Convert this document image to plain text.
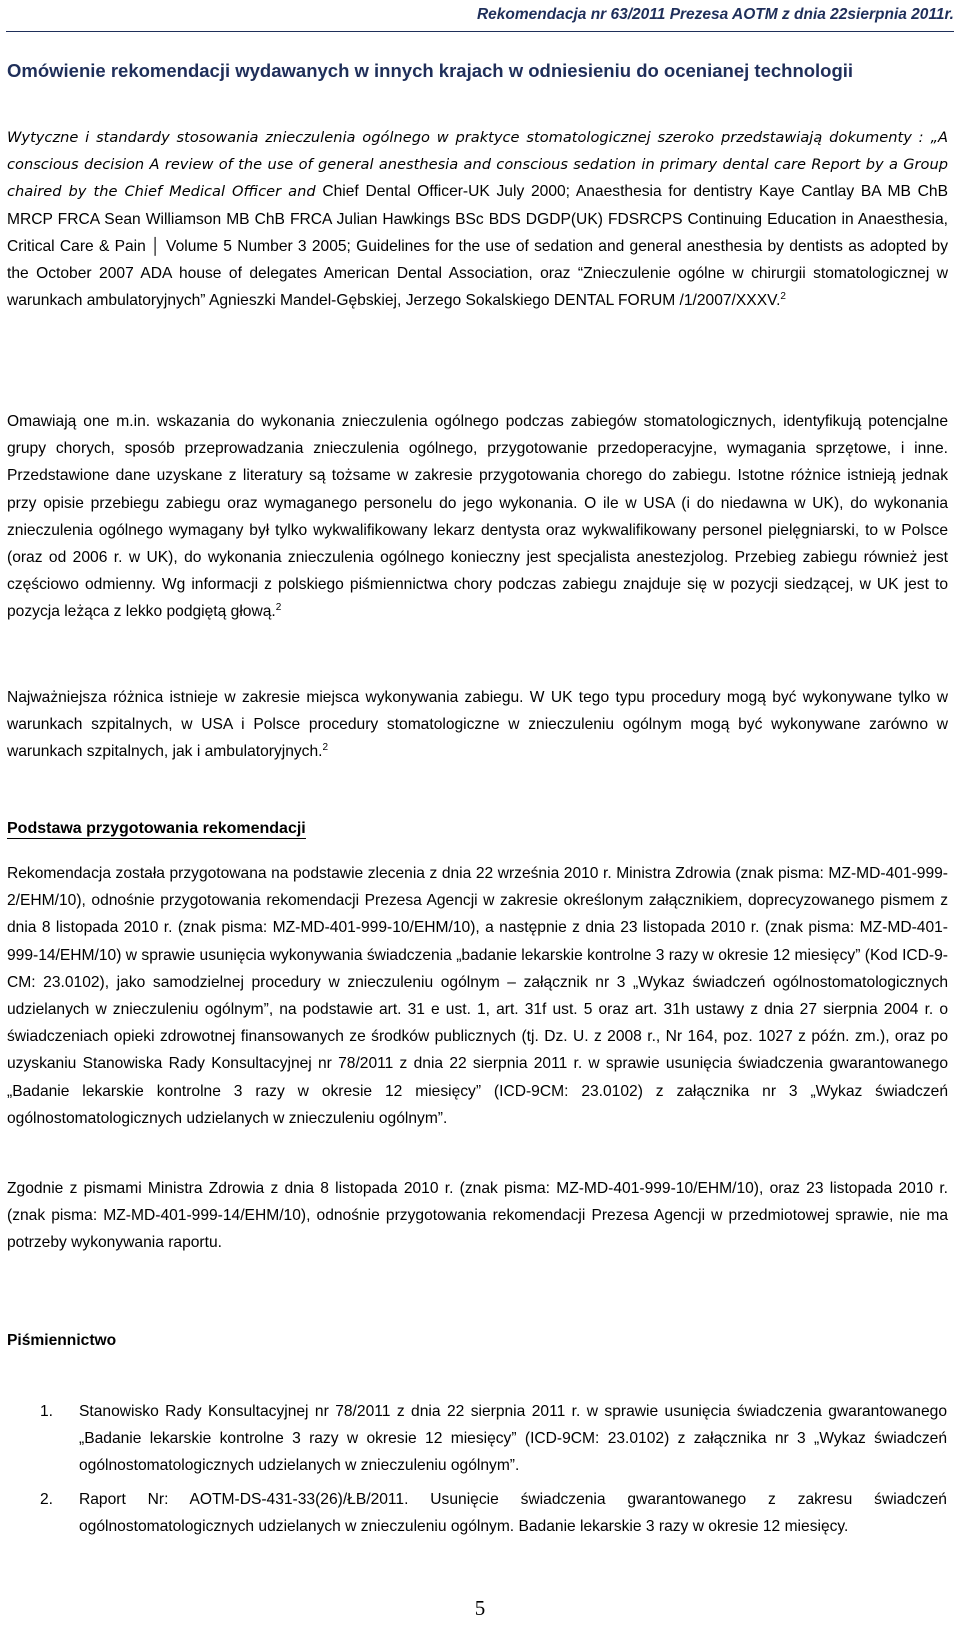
Rekomendacja nr 63/2011 Prezesa AOTM z dnia 22sierpnia 2011r.
Omówienie rekomendacji wydawanych w innych krajach w odniesieniu do ocenianej technologii
Wytyczne i standardy stosowania znieczulenia ogólnego w praktyce stomatologicznej szeroko przedstawiają dokumenty : „A conscious decision A review of the use of general anesthesia and conscious sedation in primary dental care Report by a Group chaired by the Chief Medical Officer and Chief Dental Officer-UK July 2000; Anaesthesia for dentistry Kaye Cantlay BA MB ChB MRCP FRCA Sean Williamson MB ChB FRCA Julian Hawkings BSc BDS DGDP(UK) FDSRCPS Continuing Education in Anaesthesia, Critical Care & Pain │ Volume 5 Number 3 2005; Guidelines for the use of sedation and general anesthesia by dentists as adopted by the October 2007 ADA house of delegates American Dental Association, oraz “Znieczulenie ogólne w chirurgii stomatologicznej w warunkach ambulatoryjnych” Agnieszki Mandel-Gębskiej, Jerzego Sokalskiego DENTAL FORUM /1/2007/XXXV.$^2$
Omawiają one m.in. wskazania do wykonania znieczulenia ogólnego podczas zabiegów stomatologicznych, identyfikują potencjalne grupy chorych, sposób przeprowadzania znieczulenia ogólnego, przygotowanie przedoperacyjne, wymagania sprzętowe, i inne. Przedstawione dane uzyskane z literatury są tożsame w zakresie przygotowania chorego do zabiegu. Istotne różnice istnieją jednak przy opisie przebiegu zabiegu oraz wymaganego personelu do jego wykonania. O ile w USA (i do niedawna w UK), do wykonania znieczulenia ogólnego wymagany był tylko wykwalifikowany lekarz dentysta oraz wykwalifikowany personel pielęgniarski, to w Polsce (oraz od 2006 r. w UK), do wykonania znieczulenia ogólnego konieczny jest specjalista anestezjolog. Przebieg zabiegu również jest częściowo odmienny. Wg informacji z polskiego piśmiennictwa chory podczas zabiegu znajduje się w pozycji siedzącej, w UK jest to pozycja leżąca z lekko podgiętą głową.$^2$
Najważniejsza różnica istnieje w zakresie miejsca wykonywania zabiegu. W UK tego typu procedury mogą być wykonywane tylko w warunkach szpitalnych, w USA i Polsce procedury stomatologiczne w znieczuleniu ogólnym mogą być wykonywane zarówno w warunkach szpitalnych, jak i ambulatoryjnych.$^2$
Podstawa przygotowania rekomendacji
Rekomendacja została przygotowana na podstawie zlecenia z dnia 22 września 2010 r. Ministra Zdrowia (znak pisma: MZ-MD-401-999-2/EHM/10), odnośnie przygotowania rekomendacji Prezesa Agencji w zakresie określonym załącznikiem, doprecyzowanego pismem z dnia 8 listopada 2010 r. (znak pisma: MZ-MD-401-999-10/EHM/10), a następnie z dnia 23 listopada 2010 r. (znak pisma: MZ-MD-401-999-14/EHM/10) w sprawie usunięcia wykonywania świadczenia „badanie lekarskie kontrolne 3 razy w okresie 12 miesięcy” (Kod ICD-9-CM: 23.0102), jako samodzielnej procedury w znieczuleniu ogólnym – załącznik nr 3 „Wykaz świadczeń ogólnostomatologicznych udzielanych w znieczuleniu ogólnym”, na podstawie art. 31 e ust. 1, art. 31f ust. 5 oraz art. 31h ustawy z dnia 27 sierpnia 2004 r. o świadczeniach opieki zdrowotnej finansowanych ze środków publicznych (tj. Dz. U. z 2008 r., Nr 164, poz. 1027 z późn. zm.), oraz po uzyskaniu Stanowiska Rady Konsultacyjnej nr 78/2011 z dnia 22 sierpnia 2011 r. w sprawie usunięcia świadczenia gwarantowanego „Badanie lekarskie kontrolne 3 razy w okresie 12 miesięcy” (ICD-9CM: 23.0102) z załącznika nr 3 „Wykaz świadczeń ogólnostomatologicznych udzielanych w znieczuleniu ogólnym”.
Zgodnie z pismami Ministra Zdrowia z dnia 8 listopada 2010 r. (znak pisma: MZ-MD-401-999-10/EHM/10), oraz 23 listopada 2010 r. (znak pisma: MZ-MD-401-999-14/EHM/10), odnośnie przygotowania rekomendacji Prezesa Agencji w przedmiotowej sprawie, nie ma potrzeby wykonywania raportu.
Piśmiennictwo
1. Stanowisko Rady Konsultacyjnej nr 78/2011 z dnia 22 sierpnia 2011 r. w sprawie usunięcia świadczenia gwarantowanego „Badanie lekarskie kontrolne 3 razy w okresie 12 miesięcy” (ICD-9CM: 23.0102) z załącznika nr 3 „Wykaz świadczeń ogólnostomatologicznych udzielanych w znieczuleniu ogólnym”.
2. Raport Nr: AOTM-DS-431-33(26)/ŁB/2011. Usunięcie świadczenia gwarantowanego z zakresu świadczeń ogólnostomatologicznych udzielanych w znieczuleniu ogólnym. Badanie lekarskie 3 razy w okresie 12 miesięcy.
5
